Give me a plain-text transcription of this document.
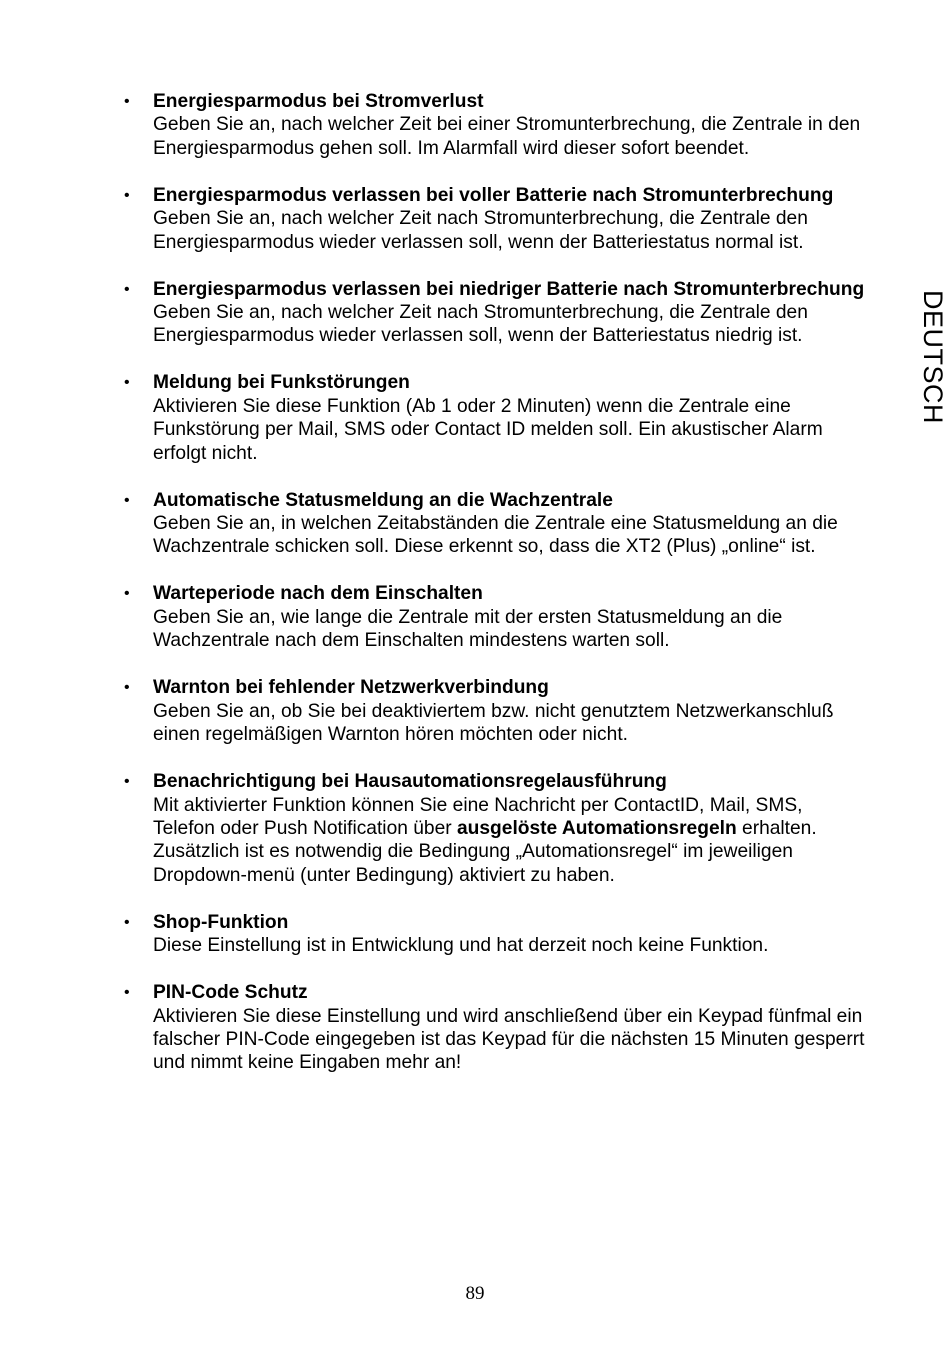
• Energiesparmodus bei Stromverlust
Geben Sie an, nach welcher Zeit bei einer Stromunterbrechung, die Zentrale in den Energiesparmodus gehen soll. Im Alarmfall wird dieser sofort beendet.
• Energiesparmodus verlassen bei voller Batterie nach Stromunterbrechung
Geben Sie an, nach welcher Zeit nach Stromunterbrechung, die Zentrale den Energiesparmodus wieder verlassen soll, wenn der Batteriestatus normal ist.
• Energiesparmodus verlassen bei niedriger Batterie nach Stromunterbrechung
Geben Sie an, nach welcher Zeit nach Stromunterbrechung, die Zentrale den Energiesparmodus wieder verlassen soll, wenn der Batteriestatus niedrig ist.
• Meldung bei Funkstörungen
Aktivieren Sie diese Funktion (Ab 1 oder 2 Minuten) wenn die Zentrale eine Funkstörung per Mail, SMS oder Contact ID melden soll. Ein akustischer Alarm erfolgt nicht.
• Automatische Statusmeldung an die Wachzentrale
Geben Sie an, in welchen Zeitabständen die Zentrale eine Statusmeldung an die Wachzentrale schicken soll. Diese erkennt so, dass die XT2 (Plus) „online“ ist.
• Warteperiode nach dem Einschalten
Geben Sie an, wie lange die Zentrale mit der ersten Statusmeldung an die Wachzentrale nach dem Einschalten mindestens warten soll.
• Warnton bei fehlender Netzwerkverbindung
Geben Sie an, ob Sie bei deaktiviertem bzw. nicht genutztem Netzwerkanschluß einen regelmäßigen Warnton hören möchten oder nicht.
• Benachrichtigung bei Hausautomationsregelausführung
Mit aktivierter Funktion können Sie eine Nachricht per ContactID, Mail, SMS, Telefon oder Push Notification über ausgelöste Automationsregeln erhalten. Zusätzlich ist es notwendig die Bedingung „Automationsregel“ im jeweiligen Dropdown-menü (unter Bedingung) aktiviert zu haben.
• Shop-Funktion
Diese Einstellung ist in Entwicklung und hat derzeit noch keine Funktion.
• PIN-Code Schutz
Aktivieren Sie diese Einstellung und wird anschließend über ein Keypad fünfmal ein falscher PIN-Code eingegeben ist das Keypad für die nächsten 15 Minuten gesperrt und nimmt keine Eingaben mehr an!
DEUTSCH
89
